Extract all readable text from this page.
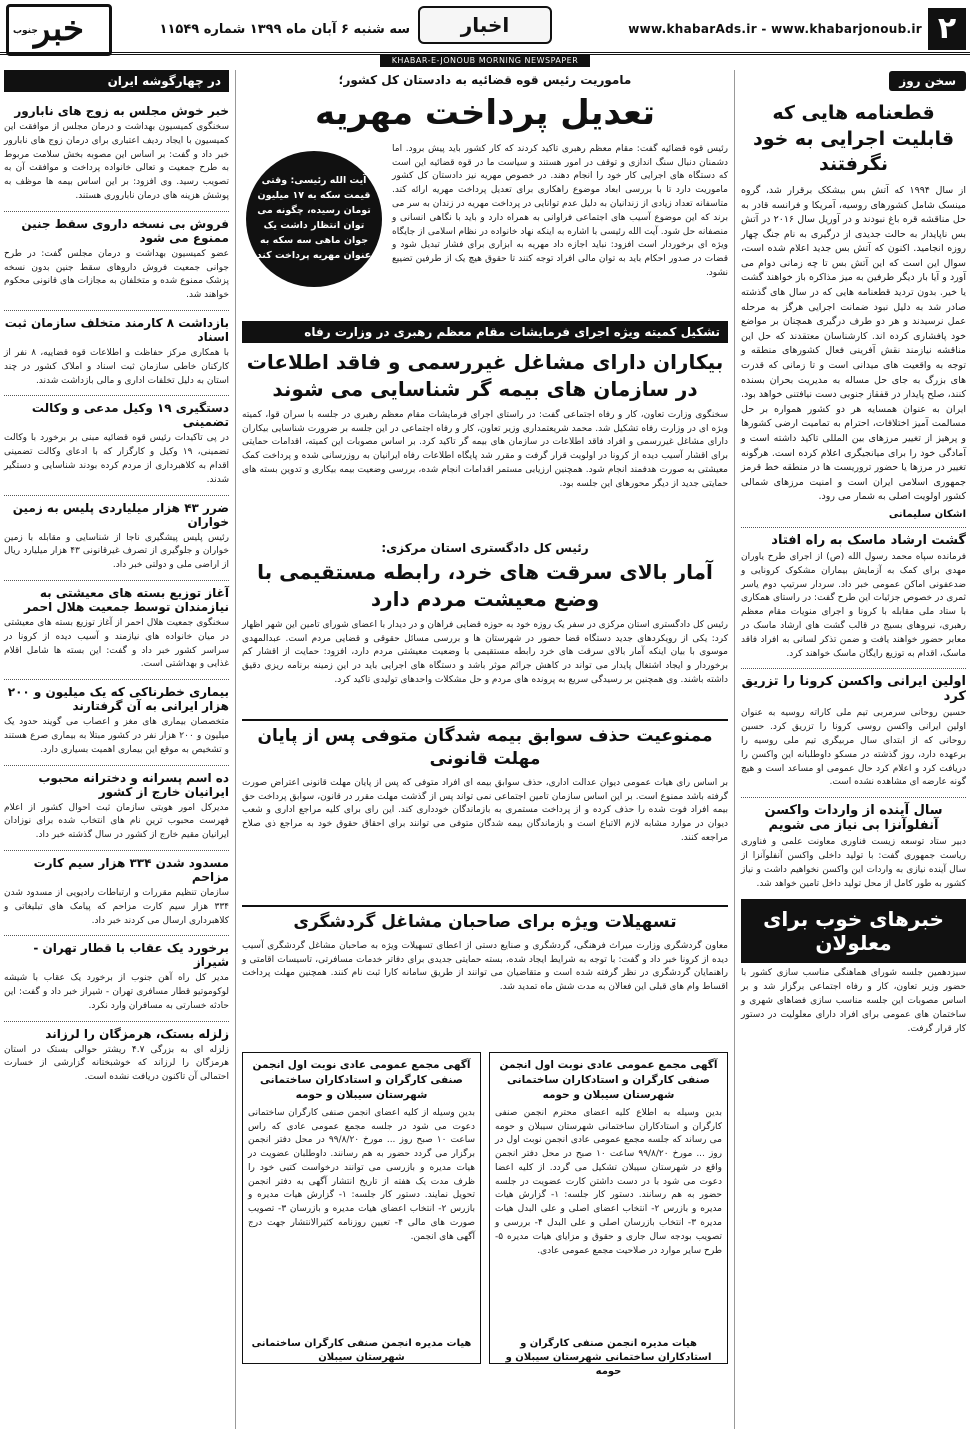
۲
www.khabarAds.ir - www.khabarjonoub.ir
اخبار
سه شنبه ۶ آبان ماه ۱۳۹۹ شماره ۱۱۵۴۹
جنوب
خبر
KHABAR-E-JONOUB MORNING NEWSPAPER
سخن روز
قطعنامه هایی که قابلیت اجرایی به خود نگرفتند
از سال ۱۹۹۴ که آتش بس بیشکک برقرار شد، گروه مینسک شامل کشورهای روسیه، آمریکا و فرانسه قادر به حل مناقشه قره باغ نبودند و در آوریل سال ۲۰۱۶ در آتش بس ناپایدار به حالت جدیدی از درگیری به نام جنگ چهار روزه انجامید. اکنون که آتش بس جدید اعلام شده است، سوال این است که این آتش بس تا چه زمانی دوام می آورد و آیا بار دیگر طرفین به میز مذاکره باز خواهند گشت یا خیر. بدون تردید قطعنامه هایی که در سال های گذشته صادر شد به دلیل نبود ضمانت اجرایی هرگز به مرحله عمل نرسیدند و هر دو طرف درگیری همچنان بر مواضع خود پافشاری کرده اند. کارشناسان معتقدند که حل این مناقشه نیازمند نقش آفرینی فعال کشورهای منطقه و توجه به واقعیت های میدانی است و تا زمانی که قدرت های بزرگ به جای حل مساله به مدیریت بحران بسنده کنند، صلح پایدار در قفقاز جنوبی دست نیافتنی خواهد بود. ایران به عنوان همسایه هر دو کشور همواره بر حل مسالمت آمیز اختلافات، احترام به تمامیت ارضی کشورها و پرهیز از تغییر مرزهای بین المللی تاکید داشته است و آمادگی خود را برای میانجیگری اعلام کرده است. هرگونه تغییر در مرزها یا حضور تروریست ها در منطقه خط قرمز جمهوری اسلامی ایران است و امنیت مرزهای شمالی کشور اولویت اصلی به شمار می رود.
اشکان سلیمانی
گشت ارشاد ماسک به راه افتاد
فرمانده سپاه محمد رسول الله (ص) از اجرای طرح یاوران مهدی برای کمک به آزمایش بیماران مشکوک کرونایی و ضدعفونی اماکن عمومی خبر داد. سردار سرتیپ دوم یاسر ثمری در خصوص جزئیات این طرح گفت: در راستای همکاری با ستاد ملی مقابله با کرونا و اجرای منویات مقام معظم رهبری، نیروهای بسیج در قالب گشت های ارشاد ماسک در معابر حضور خواهند یافت و ضمن تذکر لسانی به افراد فاقد ماسک، اقدام به توزیع رایگان ماسک خواهند کرد.
اولین ایرانی واکسن کرونا را تزریق کرد
حسین روحانی سرمربی تیم ملی کاراته روسیه به عنوان اولین ایرانی واکسن روسی کرونا را تزریق کرد. حسین روحانی که از ابتدای سال مربیگری تیم ملی روسیه را برعهده دارد، روز گذشته در مسکو داوطلبانه این واکسن را دریافت کرد و اعلام کرد حال عمومی او مساعد است و هیچ گونه عارضه ای مشاهده نشده است.
سال آینده از واردات واکسن آنفلوآنزا بی نیاز می شویم
دبیر ستاد توسعه زیست فناوری معاونت علمی و فناوری ریاست جمهوری گفت: با تولید داخلی واکسن آنفلوآنزا از سال آینده نیازی به واردات این واکسن نخواهیم داشت و نیاز کشور به طور کامل از محل تولید داخل تامین خواهد شد.
خبرهای خوب برای معلولان
سیزدهمین جلسه شورای هماهنگی مناسب سازی کشور با حضور وزیر تعاون، کار و رفاه اجتماعی برگزار شد و بر اساس مصوبات این جلسه مناسب سازی فضاهای شهری و ساختمان های عمومی برای افراد دارای معلولیت در دستور کار قرار گرفت.
ماموریت رئیس قوه قضائیه به دادستان کل کشور؛
تعدیل پرداخت مهریه
رئیس قوه قضائیه گفت: مقام معظم رهبری تاکید کردند که کار کشور باید پیش برود. اما دشمنان دنبال سنگ اندازی و توقف در امور هستند و سیاست ما در قوه قضائیه این است که دستگاه های اجرایی کار خود را انجام دهند. در خصوص مهریه نیز دادستان کل کشور ماموریت دارد تا با بررسی ابعاد موضوع راهکاری برای تعدیل پرداخت مهریه ارائه کند. متاسفانه تعداد زیادی از زندانیان به دلیل عدم توانایی در پرداخت مهریه در زندان به سر می برند که این موضوع آسیب های اجتماعی فراوانی به همراه دارد و باید با نگاهی انسانی و منصفانه حل شود. آیت الله رئیسی با اشاره به اینکه نهاد خانواده در نظام اسلامی از جایگاه ویژه ای برخوردار است افزود: نباید اجازه داد مهریه به ابزاری برای فشار تبدیل شود و قضات در صدور احکام باید به توان مالی افراد توجه کنند تا حقوق هیچ یک از طرفین تضییع نشود.
آیت الله رئیسی: وقتی قیمت سکه به ۱۷ میلیون تومان رسیده، چگونه می توان انتظار داشت یک جوان ماهی سه سکه به عنوان مهریه پرداخت کند
تشکیل کمیته ویژه اجرای فرمایشات مقام معظم رهبری در وزارت رفاه
بیکاران دارای مشاغل غیررسمی و فاقد اطلاعات در سازمان های بیمه گر شناسایی می شوند
سخنگوی وزارت تعاون، کار و رفاه اجتماعی گفت: در راستای اجرای فرمایشات مقام معظم رهبری در جلسه با سران قوا، کمیته ویژه ای در وزارت رفاه تشکیل شد. محمد شریعتمداری وزیر تعاون، کار و رفاه اجتماعی در این جلسه بر ضرورت شناسایی بیکاران دارای مشاغل غیررسمی و افراد فاقد اطلاعات در سازمان های بیمه گر تاکید کرد. بر اساس مصوبات این کمیته، اقدامات حمایتی برای اقشار آسیب دیده از کرونا در اولویت قرار گرفت و مقرر شد پایگاه اطلاعات رفاه ایرانیان به روزرسانی شده و پرداخت کمک معیشتی به صورت هدفمند انجام شود. همچنین ارزیابی مستمر اقدامات انجام شده، بررسی وضعیت بیمه بیکاری و تدوین بسته های حمایتی جدید از دیگر محورهای این جلسه بود.
رئیس کل دادگستری استان مرکزی:
آمار بالای سرقت های خرد، رابطه مستقیمی با وضع معیشت مردم دارد
رئیس کل دادگستری استان مرکزی در سفر یک روزه خود به حوزه قضایی فراهان و در دیدار با اعضای شورای تامین این شهر اظهار کرد: یکی از رویکردهای جدید دستگاه قضا حضور در شهرستان ها و بررسی مسائل حقوقی و قضایی مردم است. عبدالمهدی موسوی با بیان اینکه آمار بالای سرقت های خرد رابطه مستقیمی با وضعیت معیشتی مردم دارد، افزود: حمایت از اقشار کم برخوردار و ایجاد اشتغال پایدار می تواند در کاهش جرائم موثر باشد و دستگاه های اجرایی باید در این زمینه برنامه ریزی دقیق داشته باشند. وی همچنین بر رسیدگی سریع به پرونده های مردم و حل مشکلات واحدهای تولیدی تاکید کرد.
ممنوعیت حذف سوابق بیمه شدگان متوفی پس از پایان مهلت قانونی
بر اساس رای هیات عمومی دیوان عدالت اداری، حذف سوابق بیمه ای افراد متوفی که پس از پایان مهلت قانونی اعتراض صورت گرفته باشد ممنوع است. بر این اساس سازمان تامین اجتماعی نمی تواند پس از گذشت مهلت مقرر در قانون، سوابق پرداخت حق بیمه افراد فوت شده را حذف کرده و از پرداخت مستمری به بازماندگان خودداری کند. این رای برای کلیه مراجع اداری و شعب دیوان در موارد مشابه لازم الاتباع است و بازماندگان بیمه شدگان متوفی می توانند برای احقاق حقوق خود به مراجع ذی صلاح مراجعه کنند.
تسهیلات ویژه برای صاحبان مشاغل گردشگری
معاون گردشگری وزارت میراث فرهنگی، گردشگری و صنایع دستی از اعطای تسهیلات ویژه به صاحبان مشاغل گردشگری آسیب دیده از کرونا خبر داد و گفت: با توجه به شرایط ایجاد شده، بسته حمایتی جدیدی برای دفاتر خدمات مسافرتی، تاسیسات اقامتی و راهنمایان گردشگری در نظر گرفته شده است و متقاضیان می توانند از طریق سامانه کارا ثبت نام کنند. همچنین مهلت پرداخت اقساط وام های قبلی این فعالان به مدت شش ماه تمدید شد.
آگهی مجمع عمومی عادی نوبت اول انجمن صنفی کارگران و استادکاران ساختمانی شهرستان سیبلان و حومه
بدین وسیله به اطلاع کلیه اعضای محترم انجمن صنفی کارگران و استادکاران ساختمانی شهرستان سیبلان و حومه می رساند که جلسه مجمع عمومی عادی انجمن نوبت اول در روز ... مورخ ۹۹/۸/۲۰ ساعت ۱۰ صبح در محل دفتر انجمن واقع در شهرستان سیبلان تشکیل می گردد. از کلیه اعضا دعوت می شود با در دست داشتن کارت عضویت در جلسه حضور به هم رسانند. دستور کار جلسه: ۱- گزارش هیات مدیره و بازرس ۲- انتخاب اعضای اصلی و علی البدل هیات مدیره ۳- انتخاب بازرسان اصلی و علی البدل ۴- بررسی و تصویب بودجه سال جاری و حقوق و مزایای هیات مدیره ۵- طرح سایر موارد در صلاحیت مجمع عمومی عادی.
هیات مدیره انجمن صنفی کارگران و استادکاران ساختمانی شهرستان سیبلان و حومه
آگهی مجمع عمومی عادی نوبت اول انجمن صنفی کارگران و استادکاران ساختمانی شهرستان سیبلان و حومه
بدین وسیله از کلیه اعضای انجمن صنفی کارگران ساختمانی دعوت می شود در جلسه مجمع عمومی عادی که راس ساعت ۱۰ صبح روز ... مورخ ۹۹/۸/۲۰ در محل دفتر انجمن برگزار می گردد حضور به هم رسانند. داوطلبان عضویت در هیات مدیره و بازرسی می توانند درخواست کتبی خود را ظرف مدت یک هفته از تاریخ انتشار آگهی به دفتر انجمن تحویل نمایند. دستور کار جلسه: ۱- گزارش هیات مدیره و بازرس ۲- انتخاب اعضای هیات مدیره و بازرسان ۳- تصویب صورت های مالی ۴- تعیین روزنامه کثیرالانتشار جهت درج آگهی های انجمن.
هیات مدیره انجمن صنفی کارگران ساختمانی شهرستان سیبلان
در چهارگوشه ایران
خبر خوش مجلس به زوج های نابارور
سخنگوی کمیسیون بهداشت و درمان مجلس از موافقت این کمیسیون با ایجاد ردیف اعتباری برای درمان زوج های نابارور خبر داد و گفت: بر اساس این مصوبه بخش سلامت مربوط به طرح جمعیت و تعالی خانواده پرداخت و موافقت آن به تصویب رسید. وی افزود: بر این اساس بیمه ها موظف به پوشش هزینه های درمان ناباروری هستند.
فروش بی نسخه داروی سقط جنین ممنوع می شود
عضو کمیسیون بهداشت و درمان مجلس گفت: در طرح جوانی جمعیت فروش داروهای سقط جنین بدون نسخه پزشک ممنوع شده و متخلفان به مجازات های قانونی محکوم خواهند شد.
بازداشت ۸ کارمند متخلف سازمان ثبت اسناد
با همکاری مرکز حفاظت و اطلاعات قوه قضاییه، ۸ نفر از کارکنان خاطی سازمان ثبت اسناد و املاک کشور در چند استان به دلیل تخلفات اداری و مالی بازداشت شدند.
دستگیری ۱۹ وکیل مدعی و وکالت تضمینی
در پی تاکیدات رئیس قوه قضائیه مبنی بر برخورد با وکالت تضمینی، ۱۹ وکیل و کارگزار که با ادعای وکالت تضمینی اقدام به کلاهبرداری از مردم کرده بودند شناسایی و دستگیر شدند.
ضرر ۴۳ هزار میلیاردی پلیس به زمین خواران
رئیس پلیس پیشگیری ناجا از شناسایی و مقابله با زمین خواران و جلوگیری از تصرف غیرقانونی ۴۳ هزار میلیارد ریال از اراضی ملی و دولتی خبر داد.
آغاز توزیع بسته های معیشتی به نیازمندان توسط جمعیت هلال احمر
سخنگوی جمعیت هلال احمر از آغاز توزیع بسته های معیشتی در میان خانواده های نیازمند و آسیب دیده از کرونا در سراسر کشور خبر داد و گفت: این بسته ها شامل اقلام غذایی و بهداشتی است.
بیماری خطرناکی که یک میلیون و ۲۰۰ هزار ایرانی به آن گرفتارند
متخصصان بیماری های مغز و اعصاب می گویند حدود یک میلیون و ۲۰۰ هزار نفر در کشور مبتلا به بیماری صرع هستند و تشخیص به موقع این بیماری اهمیت بسیاری دارد.
ده اسم پسرانه و دخترانه محبوب ایرانیان خارج از کشور
مدیرکل امور هویتی سازمان ثبت احوال کشور از اعلام فهرست محبوب ترین نام های انتخاب شده برای نوزادان ایرانیان مقیم خارج از کشور در سال گذشته خبر داد.
مسدود شدن ۳۳۴ هزار سیم کارت مزاحم
سازمان تنظیم مقررات و ارتباطات رادیویی از مسدود شدن ۳۳۴ هزار سیم کارت مزاحم که پیامک های تبلیغاتی و کلاهبرداری ارسال می کردند خبر داد.
برخورد یک عقاب با قطار تهران - شیراز
مدیر کل راه آهن جنوب از برخورد یک عقاب با شیشه لوکوموتیو قطار مسافری تهران - شیراز خبر داد و گفت: این حادثه خسارتی به مسافران وارد نکرد.
زلزله بستک، هرمزگان را لرزاند
زلزله ای به بزرگی ۴.۷ ریشتر حوالی بستک در استان هرمزگان را لرزاند که خوشبختانه گزارشی از خسارت احتمالی آن تاکنون دریافت نشده است.
